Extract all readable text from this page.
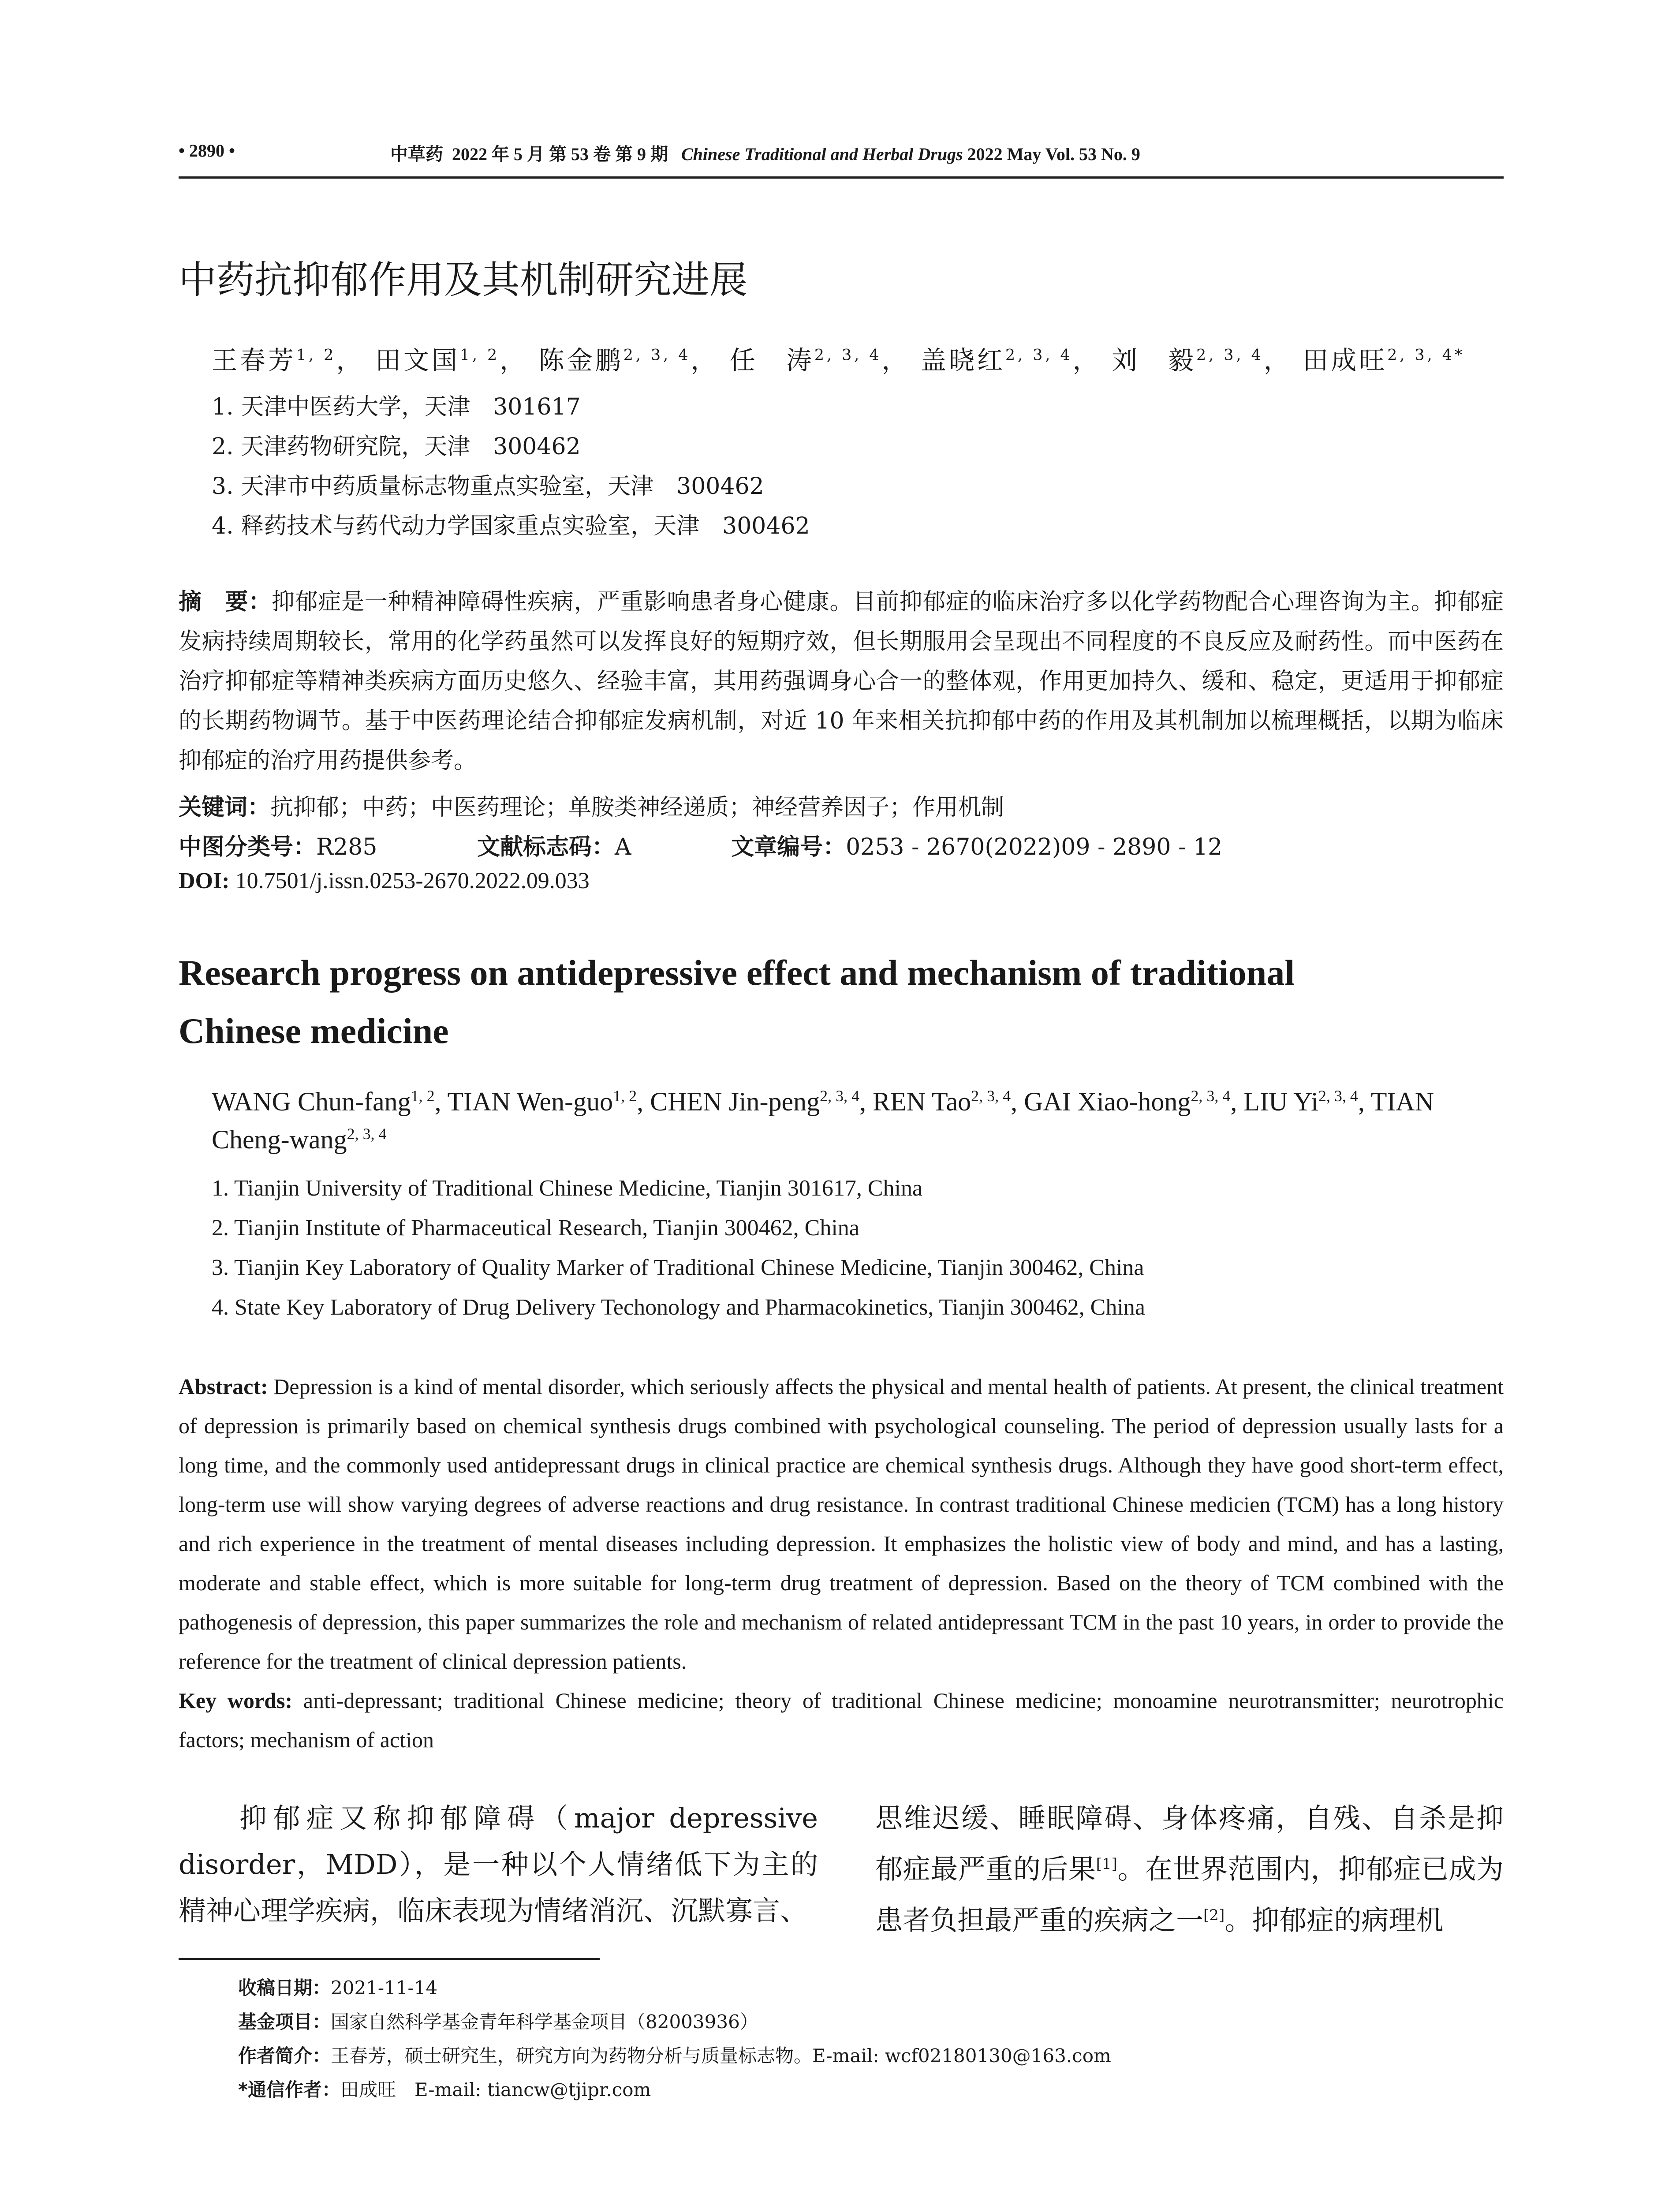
• 2890 •	中草药 2022 年 5 月 第 53 卷 第 9 期 Chinese Traditional and Herbal Drugs 2022 May Vol. 53 No. 9
中药抗抑郁作用及其机制研究进展
王春芳$^{1, 2}$， 田文国$^{1, 2}$， 陈金鹏$^{2, 3, 4}$， 任　涛$^{2, 3, 4}$， 盖晓红$^{2, 3, 4}$， 刘　毅$^{2, 3, 4}$， 田成旺$^{2, 3, 4*}$
1. 天津中医药大学，天津　301617
2. 天津药物研究院，天津　300462
3. 天津市中药质量标志物重点实验室，天津　300462
4. 释药技术与药代动力学国家重点实验室，天津　300462
摘　要：抑郁症是一种精神障碍性疾病，严重影响患者身心健康。目前抑郁症的临床治疗多以化学药物配合心理咨询为主。抑郁症发病持续周期较长，常用的化学药虽然可以发挥良好的短期疗效，但长期服用会呈现出不同程度的不良反应及耐药性。而中医药在治疗抑郁症等精神类疾病方面历史悠久、经验丰富，其用药强调身心合一的整体观，作用更加持久、缓和、稳定，更适用于抑郁症的长期药物调节。基于中医药理论结合抑郁症发病机制，对近 10 年来相关抗抑郁中药的作用及其机制加以梳理概括，以期为临床抑郁症的治疗用药提供参考。
关键词：抗抑郁；中药；中医药理论；单胺类神经递质；神经营养因子；作用机制
中图分类号：R285	文献标志码：A	文章编号：0253 - 2670(2022)09 - 2890 - 12
DOI: 10.7501/j.issn.0253-2670.2022.09.033
Research progress on antidepressive effect and mechanism of traditional
Chinese medicine
WANG Chun-fang$^{1, 2}$, TIAN Wen-guo$^{1, 2}$, CHEN Jin-peng$^{2, 3, 4}$, REN Tao$^{2, 3, 4}$, GAI Xiao-hong$^{2, 3, 4}$, LIU Yi$^{2, 3, 4}$, TIAN Cheng-wang$^{2, 3, 4}$
1. Tianjin University of Traditional Chinese Medicine, Tianjin 301617, China
2. Tianjin Institute of Pharmaceutical Research, Tianjin 300462, China
3. Tianjin Key Laboratory of Quality Marker of Traditional Chinese Medicine, Tianjin 300462, China
4. State Key Laboratory of Drug Delivery Techonology and Pharmacokinetics, Tianjin 300462, China
Abstract: Depression is a kind of mental disorder, which seriously affects the physical and mental health of patients. At present, the clinical treatment of depression is primarily based on chemical synthesis drugs combined with psychological counseling. The period of depression usually lasts for a long time, and the commonly used antidepressant drugs in clinical practice are chemical synthesis drugs. Although they have good short-term effect, long-term use will show varying degrees of adverse reactions and drug resistance. In contrast traditional Chinese medicien (TCM) has a long history and rich experience in the treatment of mental diseases including depression. It emphasizes the holistic view of body and mind, and has a lasting, moderate and stable effect, which is more suitable for long-term drug treatment of depression. Based on the theory of TCM combined with the pathogenesis of depression, this paper summarizes the role and mechanism of related antidepressant TCM in the past 10 years, in order to provide the reference for the treatment of clinical depression patients.
Key words: anti-depressant; traditional Chinese medicine; theory of traditional Chinese medicine; monoamine neurotransmitter; neurotrophic factors; mechanism of action
抑郁症又称抑郁障碍（major depressive disorder，MDD），是一种以个人情绪低下为主的精神心理学疾病，临床表现为情绪消沉、沉默寡言、
思维迟缓、睡眠障碍、身体疼痛，自残、自杀是抑郁症最严重的后果[1]。在世界范围内，抑郁症已成为患者负担最严重的疾病之一[2]。抑郁症的病理机
收稿日期：2021-11-14
基金项目：国家自然科学基金青年科学基金项目（82003936）
作者简介：王春芳，硕士研究生，研究方向为药物分析与质量标志物。E-mail: wcf02180130@163.com
*通信作者：田成旺　E-mail: tiancw@tjipr.com
